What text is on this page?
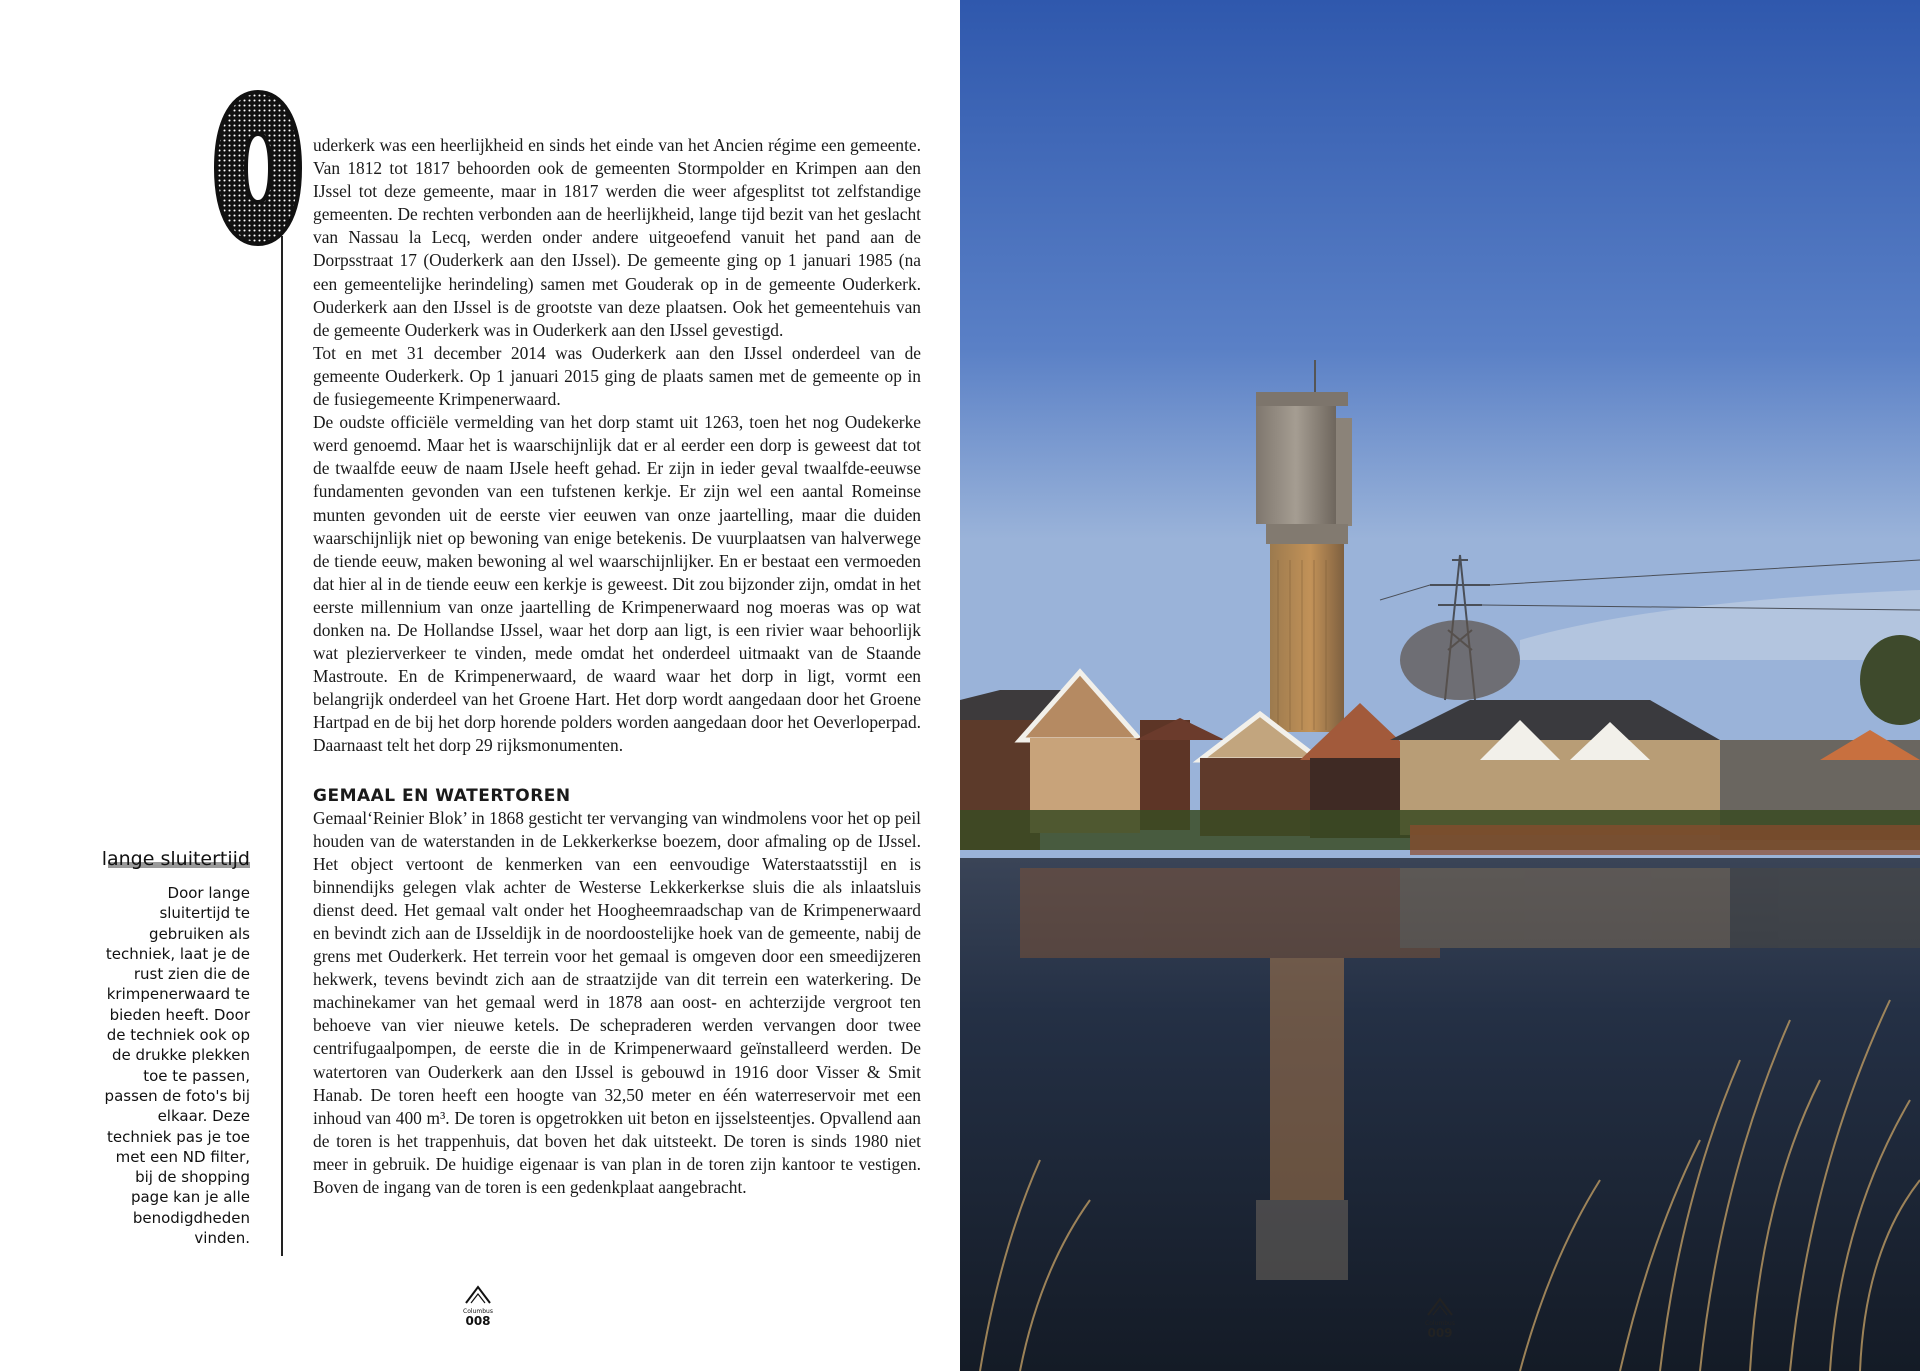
uderkerk was een heerlijkheid en sinds het einde van het Ancien régime een gemeente. Van 1812 tot 1817 behoorden ook de gemeenten Stormpolder en Krimpen aan den IJssel tot deze gemeente, maar in 1817 werden die weer afgesplitst tot zelfstandige gemeenten. De rechten verbonden aan de heerlijkheid, lange tijd bezit van het geslacht van Nassau la Lecq, werden onder andere uitgeoefend vanuit het pand aan de Dorpsstraat 17 (Ouderkerk aan den IJssel). De gemeente ging op 1 januari 1985 (na een gemeentelijke herindeling) samen met Gouderak op in de gemeente Ouderkerk. Ouderkerk aan den IJssel is de grootste van deze plaatsen. Ook het gemeentehuis van de gemeente Ouderkerk was in Ouderkerk aan den IJssel gevestigd.

Tot en met 31 december 2014 was Ouderkerk aan den IJssel onderdeel van de gemeente Ouderkerk. Op 1 januari 2015 ging de plaats samen met de gemeente op in de fusiegemeente Krimpenerwaard.

De oudste officiële vermelding van het dorp stamt uit 1263, toen het nog Oudekerke werd genoemd. Maar het is waarschijnlijk dat er al eerder een dorp is geweest dat tot de twaalfde eeuw de naam IJsele heeft gehad. Er zijn in ieder geval twaalfde-eeuwse fundamenten gevonden van een tufstenen kerkje. Er zijn wel een aantal Romeinse munten gevonden uit de eerste vier eeuwen van onze jaartelling, maar die duiden waarschijnlijk niet op bewoning van enige betekenis. De vuurplaatsen van halverwege de tiende eeuw, maken bewoning al wel waarschijnlijker. En er bestaat een vermoeden dat hier al in de tiende eeuw een kerkje is geweest. Dit zou bijzonder zijn, omdat in het eerste millennium van onze jaartelling de Krimpenerwaard nog moeras was op wat donken na. De Hollandse IJssel, waar het dorp aan ligt, is een rivier waar behoorlijk wat plezierverkeer te vinden, mede omdat het onderdeel uitmaakt van de Staande Mastroute. En de Krimpenerwaard, de waard waar het dorp in ligt, vormt een belangrijk onderdeel van het Groene Hart. Het dorp wordt aangedaan door het Groene Hartpad en de bij het dorp horende polders worden aangedaan door het Oeverloperpad. Daarnaast telt het dorp 29 rijksmonumenten.

GEMAAL EN WATERTOREN

Gemaal‘Reinier Blok’ in 1868 gesticht ter vervanging van windmolens voor het op peil houden van de waterstanden in de Lekkerkerkse boezem, door afmaling op de IJssel. Het object vertoont de kenmerken van een eenvoudige Waterstaatsstijl en is binnendijks gelegen vlak achter de Westerse Lekkerkerkse sluis die als inlaatsluis dienst deed. Het gemaal valt onder het Hoogheemraadschap van de Krimpenerwaard en bevindt zich aan de IJsseldijk in de noordoostelijke hoek van de gemeente, nabij de grens met Ouderkerk. Het terrein voor het gemaal is omgeven door een smeedijzeren hekwerk, tevens bevindt zich aan de straatzijde van dit terrein een waterkering. De machinekamer van het gemaal werd in 1878 aan oost- en achterzijde vergroot ten behoeve van vier nieuwe ketels. De schepraderen werden vervangen door twee centrifugaalpompen, de eerste die in de Krimpenerwaard geïnstalleerd werden. De watertoren van Ouderkerk aan den IJssel is gebouwd in 1916 door Visser & Smit Hanab. De toren heeft een hoogte van 32,50 meter en één waterreservoir met een inhoud van 400 m³. De toren is opgetrokken uit beton en ijsselsteentjes. Opvallend aan de toren is het trappenhuis, dat boven het dak uitsteekt. De toren is sinds 1980 niet meer in gebruik. De huidige eigenaar is van plan in de toren zijn kantoor te vestigen. Boven de ingang van de toren is een gedenkplaat aangebracht.

lange sluitertijd
Door lange sluitertijd te gebruiken als techniek, laat je de rust zien die de krimpenerwaard te bieden heeft. Door de techniek ook op de drukke plekken toe te passen, passen de foto's bij elkaar. Deze techniek pas je toe met een ND filter, bij de shopping page kan je alle benodigdheden vinden.
Columbus
008	Columbus
009
